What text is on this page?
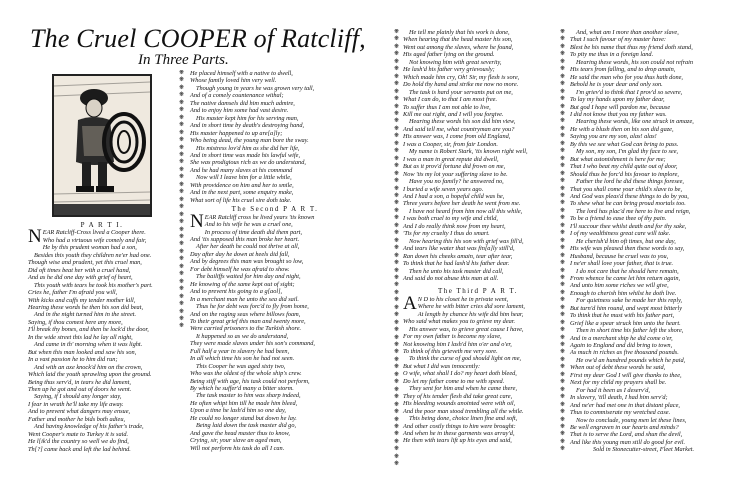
The Cruel COOPER of Ratcliff,
In Three Parts.
P A R T I.
N EAR Ratcliff-Cross lived a Cooper there.
Who had a virtuous wife comely and fair,
He by this prudent woman had a son,
Besides this youth they children ne'er had one.
Though wise and prudent, yet this cruel man,
Did oft times beat her with a cruel hand,
And as he did one day with grief of heart,
This youth with tears he took his mother's part.
Cries he, father I'm afraid you will,
With kicks and cuffs my tender mother kill,
Hearing these words he then his son did beat,
And in the night turned him in the street.
Saying, if thou comest here any more,
I'll break thy bones, and then he lock'd the door,
In the wide street this lad he lay all night,
And came in th' morning when it was light.
But when this man looked and saw his son,
In a vast passion he to him did run;
And with an axe knock'd him on the crown,
Which laid the youth sprawling upon the ground.
Being thus serv'd, in tears he did lament,
Then up he got and out of doors he went.
Saying, if I should any longer stay,
I fear in wrath he'll take my life away.
And to prevent what dangers may ensue,
Father and mother he bids both adieu,
And having knowledge of his father's trade,
Went Cooper's mate to Turkey it is said.
He l[ik'd the country so well we do find,
Th[?] came back and left the lad behind.
❋
❋
❋
❋
❋
❋
❋
❋
❋
❋
❋
❋
❋
❋
❋
❋
❋
❋
❋
❋
❋
❋
❋
❋
❋
❋
❋
❋
❋
❋
❋
❋
❋
❋
❋
He placed himself with a native to dwell,
Whose family loved him very well.
Though young in years he was grown very tall,
And of a comely countenance withal;
The native damsels did him much admire,
And to enjoy him some had vast desire.
His master kept him for his serving man,
And in short time by death's destroying hand,
His master happened to up are[a]ly;
Who being dead, the young man bore the sway.
His mistress lov'd him as she did her life,
And in short time was made his lawful wife,
She was prodigious rich as we do understand,
And he had many slaves at his command
Now will I leave him for a little while,
With providence on him and her to smile,
And in the next part, some enquiry make,
What sort of life his cruel sire doth take.
The Second P A R T.
N EAR Ratcliff cross he lived years 'tis known
And to his wife he was a cruel one,
In process of time death did them part,
And 'tis supposed this man broke her heart.
After her death he could not thrive at all,
Day after day he down at heels did fall,
And by degrees this man was brought so low,
For debt himself he was afraid to show.
The bailiffs waited for him day and night,
He knowing of the same kept out of sight;
And to prevent his going to a g[aol],
In a merchant man he unto the sea did sail.
Thus he for debt was forc'd to fly from home,
And on the raging seas where billows foam,
To their great grief this man and twenty more,
Were carried prisoners to the Turkish shore.
It happened so as we do understand,
They were made slaves under his son's command,
Full half a year in slavery he had been,
In all which time his son he had not seen.
This Cooper he was aged sixty two,
Who was the oldest of the whole ship's crew.
Being stiff with age, his task could not perform,
By which he suffer'd many a bitter storm.
The task master to him was sharp indeed,
He often whipt him till he made him bleed,
Upon a time he lash'd him so one day,
He could no longer stand but down he lay.
Being laid down the task master did go,
And gave the head master thus to know,
Crying, sir, your slave an aged man,
Will not perform his task do all I can.
❋
❋
❋
❋
❋
❋
❋
❋
❋
❋
❋
❋
❋
❋
❋
❋
❋
❋
❋
❋
❋
❋
❋
❋
❋
❋
❋
❋
❋
❋
❋
❋
❋
❋
❋
❋
❋
❋
❋
❋
❋
❋
❋
❋
❋
❋
❋
❋
❋
❋
❋
❋
❋
❋
❋
❋
❋
❋
❋
He tell me plainly that his work is done,
When hearing that the head master his son,
Went out among the slaves, where he found,
His aged father lying on the ground.
Not knowing him with great severity,
He lash'd his father very grievously;
Which made him cry, Oh! Sir, my flesh is sore,
Do hold thy hand and strike me now no more.
The task is hard your servants put on me,
What I can do, to that I am most free.
To suffer thus I am not able to live,
Kill me out right, and I will you forgive.
Hearing these words his son did him view,
And said tell me, what countryman are you?
His answer was, I come from old England,
I was a Cooper, sir, from fair London.
My name is Robert Stark, 'tis known right well,
I was a man in great repute did dwell,
But as it prov'd fortune did frown on me,
Now 'tis my lot your suffering slave to be.
Have you no family? he answered no,
I buried a wife seven years ago.
And I had a son, a hopeful child was he,
Three years before her death he went from me.
I have not heard from him now all this while,
I was both cruel to my wife and child,
And I do really think now from my heart,
'Tis for my cruelty I thus do smart.
Now hearing this his son with grief was fill'd,
And tears like water that was fin[a]ly still'd,
Ran down his cheeks amain, tear after tear,
To think that he had lash'd his father dear.
Then he unto his task master did call,
And said do not abuse this man at all.
The Third P A R T.
A N D to his closet he in private went,
Where he with bitter cries did sore lament,
At length by chance his wife did him hear,
Who said what makes you to grieve my dear.
His answer was, to grieve great cause I have,
For my own father is become my slave,
Not knowing him I lash'd him o'er and o'er,
To think of this grieveth me very sore.
To think the curse of god should light on me,
But what I did was innocently:
O wife, what shall I do? my heart doth bleed,
Do let my father come to me with speed.
They sent for him and when he came there,
They of his tender flesh did take great care,
His bleeding wounds anointed were with oil,
And the poor man stood trembling all the while.
This being done, choice linen fine and soft,
And other costly things to him were brought:
And when he in these garments was array'd,
He then with tears lift up his eyes and said,
❋
❋
❋
❋
❋
❋
❋
❋
❋
❋
❋
❋
❋
❋
❋
❋
❋
❋
❋
❋
❋
❋
❋
❋
❋
❋
❋
❋
❋
❋
❋
❋
❋
❋
❋
❋
❋
❋
❋
❋
❋
❋
❋
❋
❋
❋
❋
❋
❋
❋
❋
❋
❋
❋
❋
❋
❋
And, what am I more than another slave,
That I such favour of my master have:
Blest be his name that thus my friend doth stand,
To pity me thus in a foreign land.
Hearing these words, his son could not refrain
His tears from falling, and to drop amain,
He said the man who for you thus hath done,
Behold he is your dear and only son.
I'm griev'd to think that I prov'd so severe,
To lay my hands upon my father dear,
But god I hope will pardon me, because
I did not know that you my father was.
Hearing these words, like one struck in amaze,
He with a blush then on his son did gaze,
Saying you are my son, alas! alas!
By this we see what God can bring to pass.
My son, my son, I'm glad thy face to see,
But what astonishment is here for me;
That I who beat my child quite out of door,
Should thus be forc'd his favour to implore,
Father the lord he did these things foresee,
That you shall come your child's slave to be,
And God was pleas'd these things to do by you,
To shew what he can bring proud mortals too.
The lord has plac'd me here to live and reign,
To be a friend to ease thee of thy pain.
I'll succour thee whilst death and for thy sake,
I of my wealthiness great care will take.
He cherish'd him oft times, but one day,
His wife was pleased then these words to say,
Husband, because he cruel was to you,
I ne'er shall love your father, that is true.
I do not care that he should here remain,
From whence he came let him return again,
And unto him some riches we will give,
Enough to cherish him whilst he doth live.
For quietness sake he made her this reply,
But turn'd him round, and wept most bitterly
To think that he must with his father part,
Grief like a spear struck him unto the heart.
Then in short time his father left the shore,
And in a merchant ship he did come o'er,
Again to England and did bring to town,
As much in riches as five thousand pounds.
He ow'd an hundred pounds which he paid,
When out of debt these words he said,
First my dear God I will give thanks to thee,
Next for my child my prayers shall be.
For had it been as I deserv'd,
In slavery, 'till death, I had him serv'd;
And ne'er had met one in that distant place,
Thus to commiserate my wretched case.
Now to conclude, young men let these lines,
Be well engraven in our hearts and minds?
That is to serve the Lord, and shun the devil,
And like this young man still do good for evil.
Sold in Stonecutter-street, Fleet Market.
